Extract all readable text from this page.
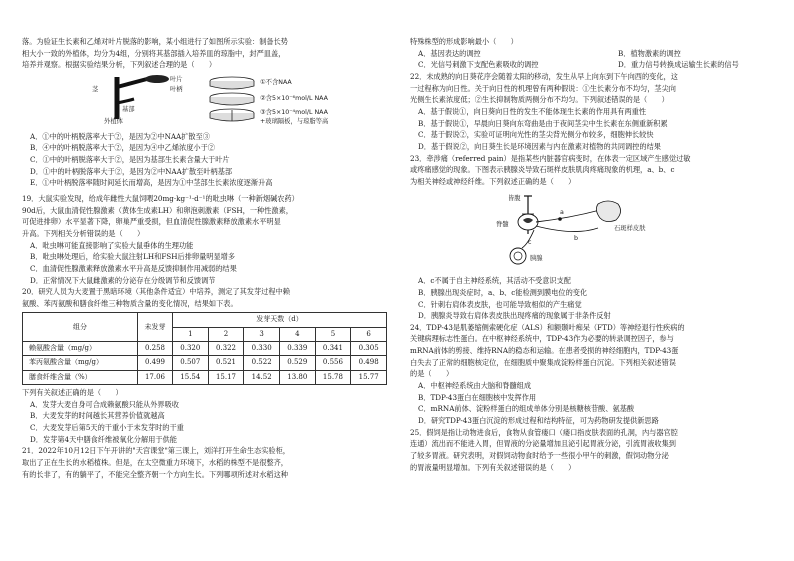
落。为验证生长素和乙烯对叶片脱落的影响，某小组进行了如图所示实验：制备长势

相大小一致的外植体，均分为4组，分别将其基部插入培养皿的琼脂中，封严皿盖，

培养并观察。根据实验结果分析，下列叙述合理的是（　　）

茎
叶片
叶柄
基部
外植体
①不含NAA
②含5×10⁻⁶mol/L NAA
③含5×10⁻⁴mol/L NAA
+玻璃隔板，与琼脂等高

A．①中的叶柄脱落率大于②，是因为②中NAA扩散至③

B．④中的叶柄脱落率大于②，是因为④中乙烯浓度小于②

C．①中的叶柄脱落率大于②，是因为基部生长素含量大于叶片

D．①中的叶柄脱落率大于②，是因为②中NAA扩散至叶柄基部

E．①中叶柄脱落率随时间延长而增高，是因为①中茎部生长素浓度逐渐升高

19．大鼠实验发现，给成年雌性大鼠饲喂20mg·kg⁻¹·d⁻¹的吡虫啉（一种新烟碱农药）

90d后，大鼠血清促性腺激素（黄体生成素LH）和卵泡刺激素（FSH，一种性激素，

可促进排卵）水平显著下降，卵巢严重受损，但血清促性腺激素释放激素水平明显

升高。下列相关分析错误的是（　　）

A．吡虫啉可能直接影响了实验大鼠垂体的生理功能

B．吡虫啉处理后，给实验大鼠注射LH和FSH后排卵量明显增多

C．血清促性腺激素释放激素水平升高是反馈抑制作用减弱的结果

D．正常情况下大鼠雌激素的分泌存在分级调节和反馈调节

20．研究人员为大麦置于黑暗环境（其他条件适宜）中培养，测定了其发芽过程中赖

氨酸、苯丙氨酸和膳食纤维三种物质含量的变化情况，结果如下表。

组分	未发芽	发芽天数（d）					
		1	2	3	4	5	6
赖氨酸含量（mg/g）	0.258	0.320	0.322	0.330	0.339	0.341	0.305
苯丙氨酸含量（mg/g）	0.499	0.507	0.521	0.522	0.529	0.556	0.498
膳食纤维含量（%）	17.06	15.54	15.17	14.52	13.80	15.78	15.77

下列有关叙述正确的是（　　）

A．发芽大麦自身可合成赖氨酸只能从外界吸收

B．大麦发芽的时间越长其营养价值就越高

C．大麦发芽后第5天的干重小于未发芽时的干重

D．发芽第4天中膳食纤维被氧化分解用于供能

21．2022年10月12日下午开讲的"天宫课堂"第三课上，刘洋打开生命生态实验柜，

取出了正在生长的水稻植株。但是，在太空微重力环境下，水稻的株型不是很整齐，

有的长非了，有的躺平了，不能完全整齐朝一个方向生长。下列哪项所述对水稻这种

特殊株型的形成影响最小（　　）

A．基因表达的调控	B．植物激素的调控

C．光信号刺激下支配色素吸收的调控	D．重力信号转换成运输生长素的信号

22．未成熟的向日葵花序会随着太阳的移动，发生从早上向东到下午向西的变化，这

一过程称为向日性。关于向日性的机理曾有两种假说：①生长素分布不均匀，茎尖向

光侧生长素浓度低；②生长抑制物质两侧分布不均匀。下列叙述错误的是（　　）

A．基于假说①，向日葵向日性的发生不能体现生长素的作用具有两重性

B．基于假说①，早晨向日葵向东弯曲是由于夜间茎尖中生长素在东侧重新积累

C．基于假说②，实验可证明向光性的茎尖背光侧分布较多，细胞伸长较快

D．基于假说②，向日葵生长是环境因素与内在激素对植物的共同调控的结果

23．牵涉痛（referred pain）是指某些内脏器官病变时，在体表一定区域产生感觉过敏

或疼痛感觉的现象。下图表示胰腺炎导致石斑样皮肤肌肉疼痛现象的机理，a、b、c

为相关神经或神经纤维。下列叙述正确的是（　　）

皆腹
脊髓
a
b
石斑样皮肤
c
胰腺

A．c不属于自主神经系统，其活动不受意识支配

B．胰腺出现炎症时，a、b、c能检测到膜电位的变化

C．针刺右肩体表皮肤，也可能导致相似的产生痛觉

D．胰腺炎导致右肩体表皮肤出现疼痛的现象属于非条件反射

24．TDP-43是肌萎缩侧索硬化症（ALS）和额颞叶痴呆（FTD）等神经退行性疾病的

关键病理标志性蛋白。在中枢神经系统中，TDP-43作为必要的转录调控因子，参与

mRNA前体的剪接、维持RNA的稳态和运输。在患者受损的神经细胞内，TDP-43蛋

白失去了正常的细胞核定位，在细胞质中聚集成淀粉样蛋白沉淀。下列相关叙述错误

的是（　　）

A．中枢神经系统由大脑和脊髓组成

B．TDP-43蛋白在细胞核中发挥作用

C．mRNA前体、淀粉样蛋白的组成单体分别是核糖核苷酸、氨基酸

D．研究TDP-43蛋白沉淀的形成过程和结构特征，可为药物研发提供新思路

25．假饲是指让动物进食后，食物从食管瘘口（瘘口指皮肤表面的孔洞，内与器官腔

连通）流出而不能进入胃，但胃液的分泌量增加且泌引起胃液分泌，引流胃液收集到

了较多胃液。研究表明，对假饲动物食时给予一些很小甲午的刺激，假饲动物分泌

的胃液量明显增加。下列有关叙述错误的是（　　）
